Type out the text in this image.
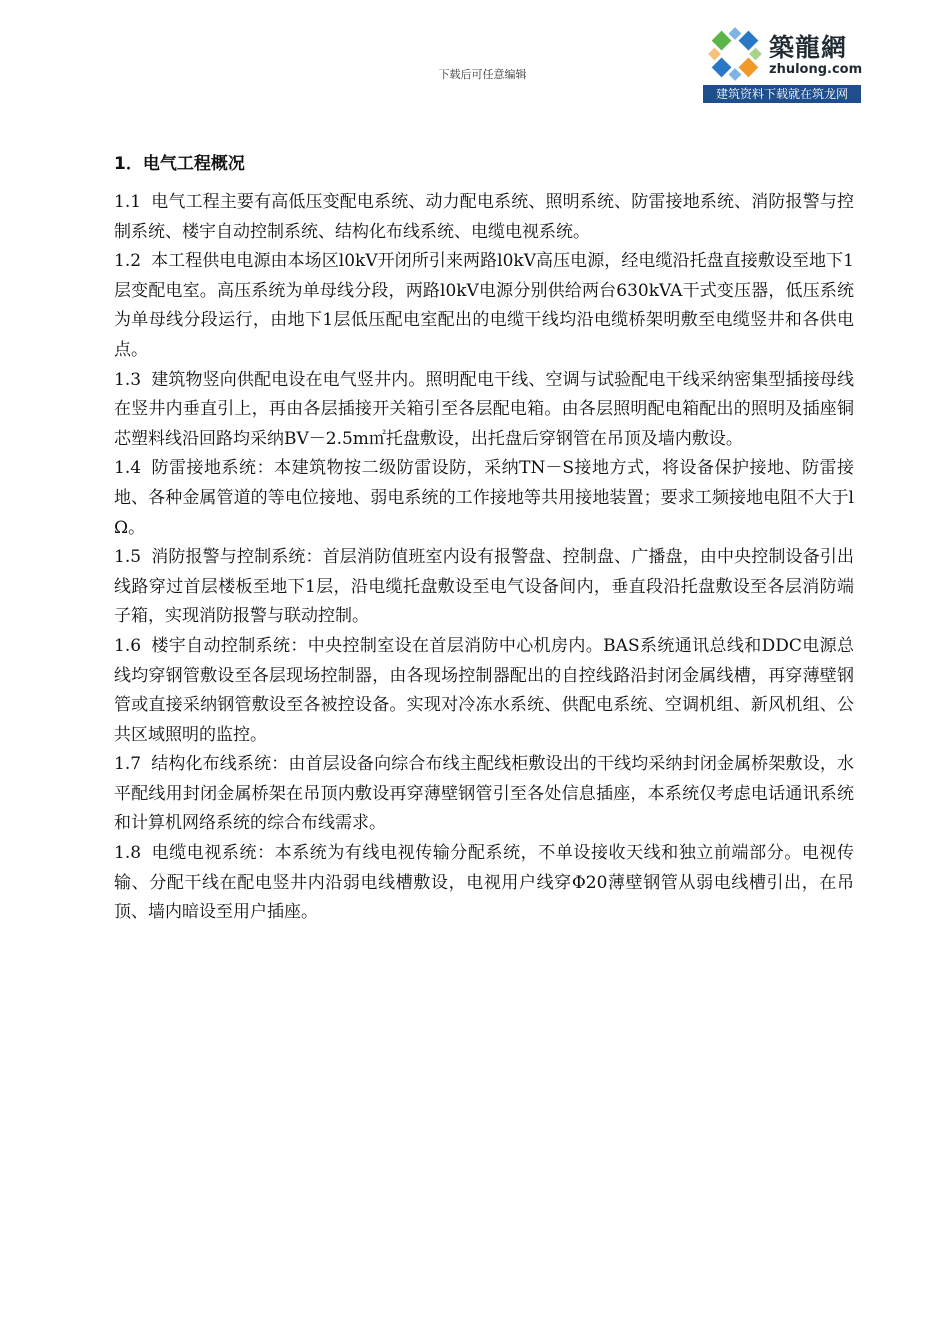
下载后可任意编辑
築龍網
zhulong.com
建筑资料下载就在筑龙网
1．电气工程概况

1.1 电气工程主要有高低压变配电系统、动力配电系统、照明系统、防雷接地系统、消防报警与控制系统、楼宇自动控制系统、结构化布线系统、电缆电视系统。

1.2 本工程供电电源由本场区l0kV开闭所引来两路l0kV高压电源，经电缆沿托盘直接敷设至地下1层变配电室。高压系统为单母线分段，两路l0kV电源分别供给两台630kVA干式变压器，低压系统为单母线分段运行，由地下1层低压配电室配出的电缆干线均沿电缆桥架明敷至电缆竖井和各供电点。

1.3 建筑物竖向供配电设在电气竖井内。照明配电干线、空调与试验配电干线采纳密集型插接母线在竖井内垂直引上，再由各层插接开关箱引至各层配电箱。由各层照明配电箱配出的照明及插座铜芯塑料线沿回路均采纳BV－2.5m㎡托盘敷设，出托盘后穿钢管在吊顶及墙内敷设。

1.4 防雷接地系统：本建筑物按二级防雷设防，采纳TN－S接地方式，将设备保护接地、防雷接地、各种金属管道的等电位接地、弱电系统的工作接地等共用接地装置；要求工频接地电阻不大于l Ω。

1.5 消防报警与控制系统：首层消防值班室内设有报警盘、控制盘、广播盘，由中央控制设备引出线路穿过首层楼板至地下1层，沿电缆托盘敷设至电气设备间内，垂直段沿托盘敷设至各层消防端子箱，实现消防报警与联动控制。

1.6 楼宇自动控制系统：中央控制室设在首层消防中心机房内。BAS系统通讯总线和DDC电源总线均穿钢管敷设至各层现场控制器，由各现场控制器配出的自控线路沿封闭金属线槽，再穿薄壁钢管或直接采纳钢管敷设至各被控设备。实现对冷冻水系统、供配电系统、空调机组、新风机组、公共区域照明的监控。

1.7 结构化布线系统：由首层设备向综合布线主配线柜敷设出的干线均采纳封闭金属桥架敷设，水平配线用封闭金属桥架在吊顶内敷设再穿薄壁钢管引至各处信息插座，本系统仅考虑电话通讯系统和计算机网络系统的综合布线需求。

1.8 电缆电视系统：本系统为有线电视传输分配系统，不单设接收天线和独立前端部分。电视传输、分配干线在配电竖井内沿弱电线槽敷设，电视用户线穿Φ20薄壁钢管从弱电线槽引出，在吊顶、墙内暗设至用户插座。
